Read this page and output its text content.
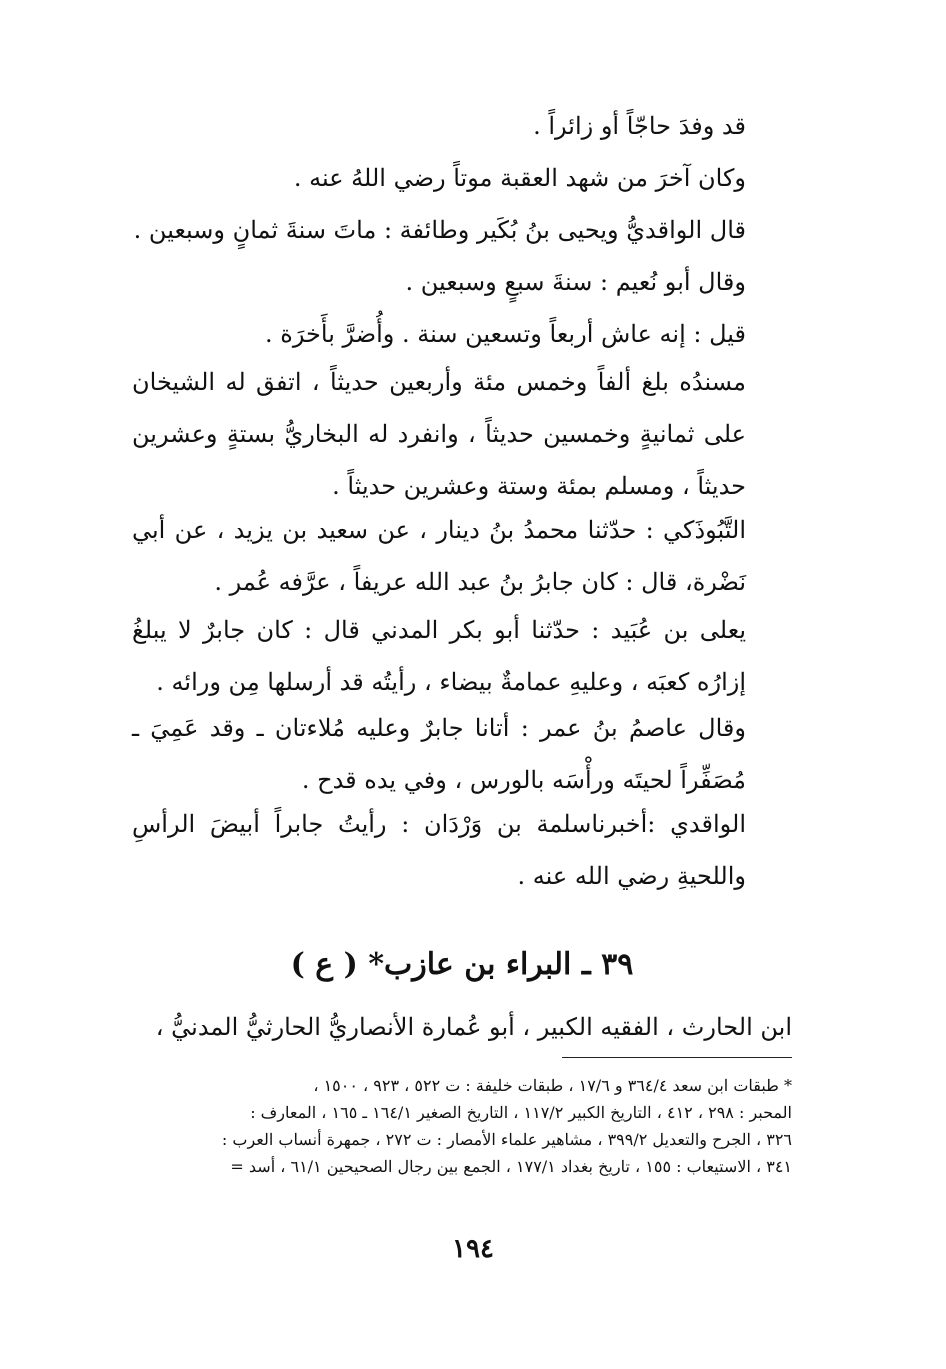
قد وفدَ حاجّاً أو زائراً .
وكان آخرَ من شهد العقبة موتاً رضي اللهُ عنه .
قال الواقديُّ ويحيى بنُ بُكَير وطائفة : ماتَ سنةَ ثمانٍ وسبعين .
وقال أبو نُعيم : سنةَ سبعٍ وسبعين .
قيل : إنه عاش أربعاً وتسعين سنة . وأُضرَّ بأَخرَة .
مسندُه بلغ ألفاً وخمس مئة وأربعين حديثاً ، اتفق له الشيخان على ثمانيةٍ وخمسين حديثاً ، وانفرد له البخاريُّ بستةٍ وعشرين حديثاً ، ومسلم بمئة وستة وعشرين حديثاً .
التَّبُوذَكي : حدّثنا محمدُ بنُ دينار ، عن سعيد بن يزيد ، عن أبي نَضْرة، قال : كان جابرُ بنُ عبد الله عريفاً ، عرَّفه عُمر .
يعلى بن عُبَيد : حدّثنا أبو بكر المدني قال : كان جابرٌ لا يبلغُ إزارُه كعبَه ، وعليهِ عمامةٌ بيضاء ، رأيتُه قد أرسلها مِن ورائه .
وقال عاصمُ بنُ عمر : أتانا جابرٌ وعليه مُلاءتان ـ وقد عَمِيَ ـ مُصَفِّراً لحيتَه ورأْسَه بالورس ، وفي يده قدح .
الواقدي :أخبرناسلمة بن وَرْدَان : رأيتُ جابراً أبيضَ الرأسِ واللحيةِ رضي الله عنه .
٣٩ ـ البراء بن عازب* ( ع )
ابن الحارث ، الفقيه الكبير ، أبو عُمارة الأنصاريُّ الحارثيُّ المدنيُّ ،
* طبقات ابن سعد ٣٦٤/٤ و ١٧/٦ ، طبقات خليفة : ت ٥٢٢ ، ٩٢٣ ، ١٥٠٠ ،
المحبر : ٢٩٨ ، ٤١٢ ، التاريخ الكبير ١١٧/٢ ، التاريخ الصغير ١٦٤/١ ـ ١٦٥ ، المعارف :
٣٢٦ ، الجرح والتعديل ٣٩٩/٢ ، مشاهير علماء الأمصار : ت ٢٧٢ ، جمهرة أنساب العرب :
٣٤١ ، الاستيعاب : ١٥٥ ، تاريخ بغداد ١٧٧/١ ، الجمع بين رجال الصحيحين ٦١/١ ، أسد =
١٩٤
